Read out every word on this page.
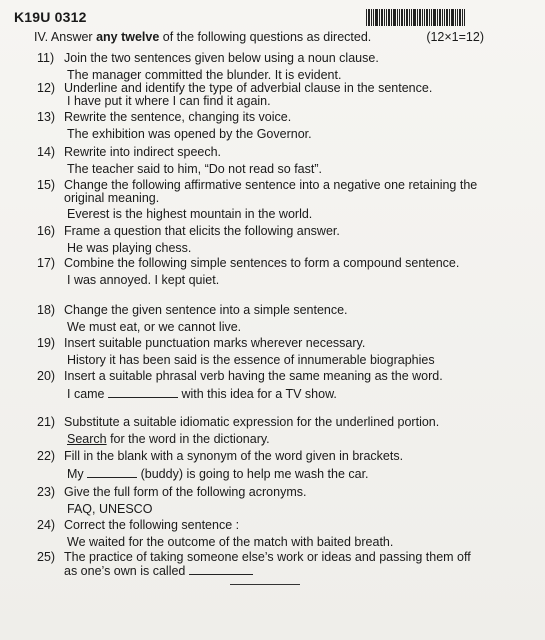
K19U 0312
IV. Answer any twelve of the following questions as directed.	(12×1=12)
11) Join the two sentences given below using a noun clause.
The manager committed the blunder. It is evident.
12) Underline and identify the type of adverbial clause in the sentence.
I have put it where I can find it again.
13) Rewrite the sentence, changing its voice.
The exhibition was opened by the Governor.
14) Rewrite into indirect speech.
The teacher said to him, “Do not read so fast”.
15) Change the following affirmative sentence into a negative one retaining the original meaning.
Everest is the highest mountain in the world.
16) Frame a question that elicits the following answer.
He was playing chess.
17) Combine the following simple sentences to form a compound sentence.
I was annoyed. I kept quiet.
18) Change the given sentence into a simple sentence.
We must eat, or we cannot live.
19) Insert suitable punctuation marks wherever necessary.
History it has been said is the essence of innumerable biographies
20) Insert a suitable phrasal verb having the same meaning as the word.
I came	with this idea for a TV show.
21) Substitute a suitable idiomatic expression for the underlined portion.
Search for the word in the dictionary.
22) Fill in the blank with a synonym of the word given in brackets.
My	(buddy) is going to help me wash the car.
23) Give the full form of the following acronyms.
FAQ, UNESCO
24) Correct the following sentence :
We waited for the outcome of the match with baited breath.
25) The practice of taking someone else’s work or ideas and passing them off as one’s own is called
